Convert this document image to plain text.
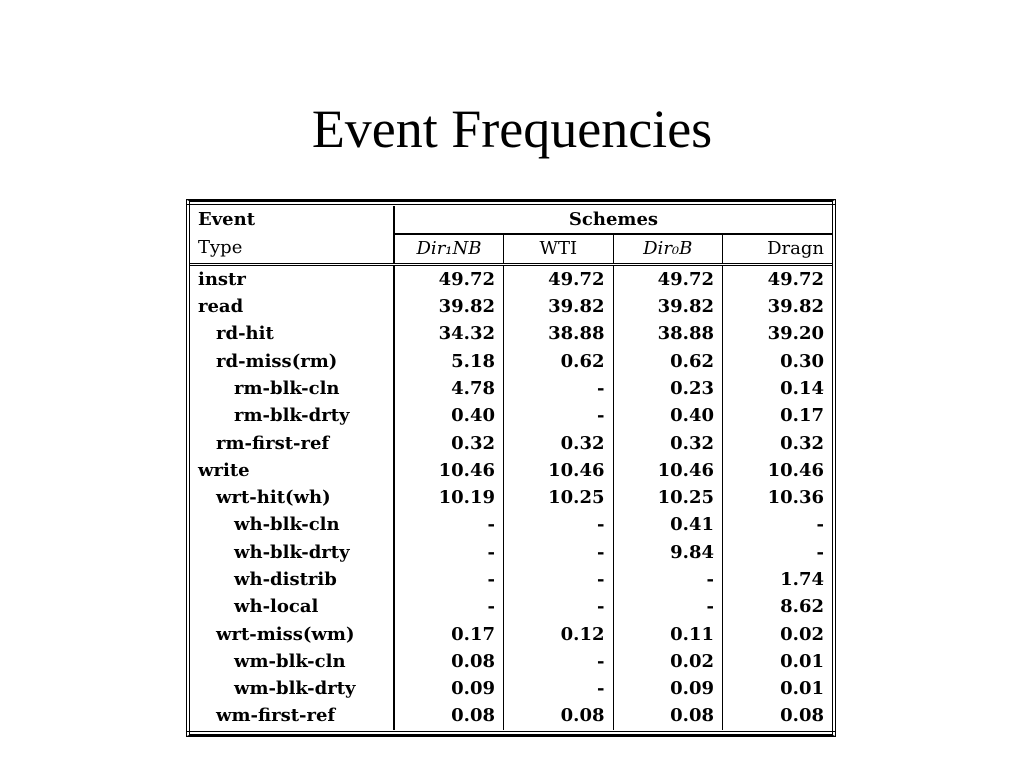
Event Frequencies
Event	Schemes			
Type	Dir₁NB	WTI	Dir₀B	Dragn
instr	49.72	49.72	49.72	49.72
read	39.82	39.82	39.82	39.82
rd-hit	34.32	38.88	38.88	39.20
rd-miss(rm)	5.18	0.62	0.62	0.30
rm-blk-cln	4.78	-	0.23	0.14
rm-blk-drty	0.40	-	0.40	0.17
rm-first-ref	0.32	0.32	0.32	0.32
write	10.46	10.46	10.46	10.46
wrt-hit(wh)	10.19	10.25	10.25	10.36
wh-blk-cln	-	-	0.41	-
wh-blk-drty	-	-	9.84	-
wh-distrib	-	-	-	1.74
wh-local	-	-	-	8.62
wrt-miss(wm)	0.17	0.12	0.11	0.02
wm-blk-cln	0.08	-	0.02	0.01
wm-blk-drty	0.09	-	0.09	0.01
wm-first-ref	0.08	0.08	0.08	0.08
